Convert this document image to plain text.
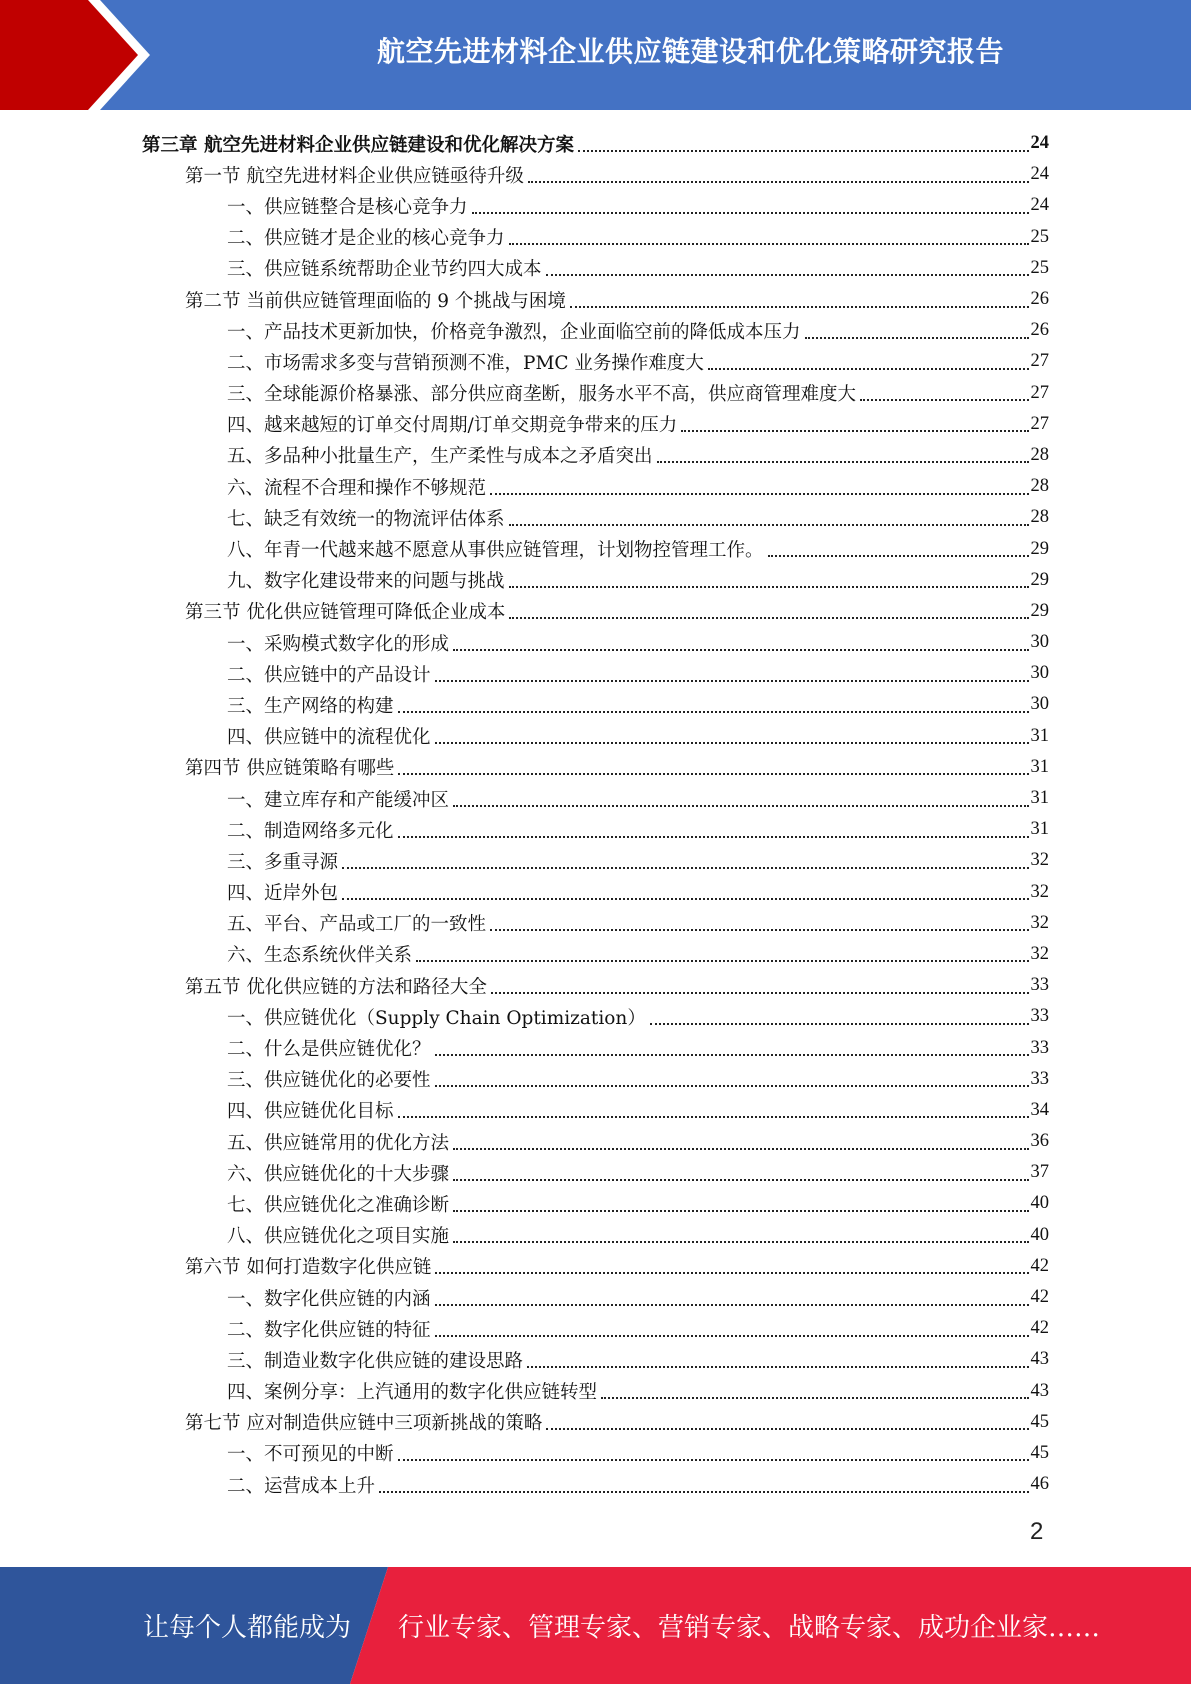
航空先进材料企业供应链建设和优化策略研究报告
第三章 航空先进材料企业供应链建设和优化解决方案	24
第一节 航空先进材料企业供应链亟待升级	24
一、供应链整合是核心竞争力	24
二、供应链才是企业的核心竞争力	25
三、供应链系统帮助企业节约四大成本	25
第二节 当前供应链管理面临的 9 个挑战与困境	26
一、产品技术更新加快，价格竞争激烈，企业面临空前的降低成本压力	26
二、市场需求多变与营销预测不准，PMC 业务操作难度大	27
三、全球能源价格暴涨、部分供应商垄断，服务水平不高，供应商管理难度大	27
四、越来越短的订单交付周期/订单交期竞争带来的压力	27
五、多品种小批量生产，生产柔性与成本之矛盾突出	28
六、流程不合理和操作不够规范	28
七、缺乏有效统一的物流评估体系	28
八、年青一代越来越不愿意从事供应链管理，计划物控管理工作。	29
九、数字化建设带来的问题与挑战	29
第三节 优化供应链管理可降低企业成本	29
一、采购模式数字化的形成	30
二、供应链中的产品设计	30
三、生产网络的构建	30
四、供应链中的流程优化	31
第四节 供应链策略有哪些	31
一、建立库存和产能缓冲区	31
二、制造网络多元化	31
三、多重寻源	32
四、近岸外包	32
五、平台、产品或工厂的一致性	32
六、生态系统伙伴关系	32
第五节 优化供应链的方法和路径大全	33
一、供应链优化（Supply Chain Optimization）	33
二、什么是供应链优化？	33
三、供应链优化的必要性	33
四、供应链优化目标	34
五、供应链常用的优化方法	36
六、供应链优化的十大步骤	37
七、供应链优化之准确诊断	40
八、供应链优化之项目实施	40
第六节 如何打造数字化供应链	42
一、数字化供应链的内涵	42
二、数字化供应链的特征	42
三、制造业数字化供应链的建设思路	43
四、案例分享：上汽通用的数字化供应链转型	43
第七节 应对制造供应链中三项新挑战的策略	45
一、不可预见的中断	45
二、运营成本上升	46
2
让每个人都能成为 行业专家、管理专家、营销专家、战略专家、成功企业家……
